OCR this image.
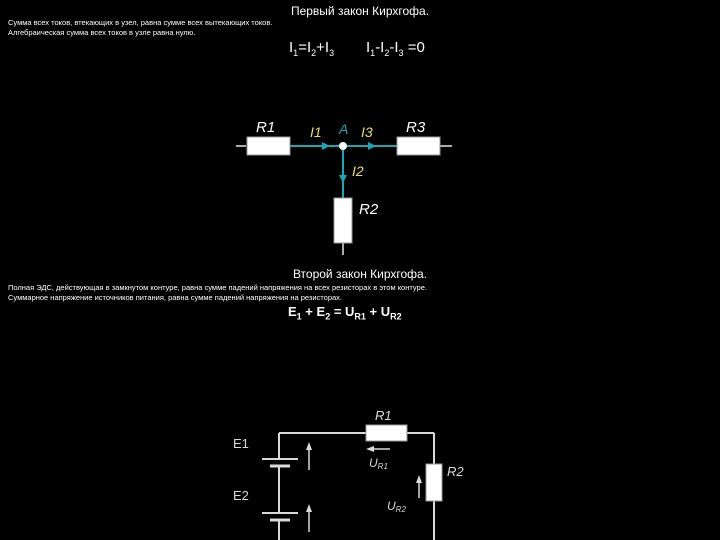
Первый закон Кирхгофа.
Сумма всех токов, втекающих в узел, равна сумме всех вытекающих токов.
Алгебраическая сумма всех токов в узле равна нулю.
$I_1=I_2+I_3$ $I_1-I_2-I_3 =0$
R1	R3
R2
A
I1	I3
I2
Второй закон Кирхгофа.
Полная ЭДС, действующая в замкнутом контуре, равна сумме падений напряжения на всех резисторах в этом контуре.
Суммарное напряжение источников питания, равна сумме падений напряжения на резисторах.
$E_1 + E_2 = U_{R1} + U_{R2}$
E1
E2
R1
R2
UR1
UR2
